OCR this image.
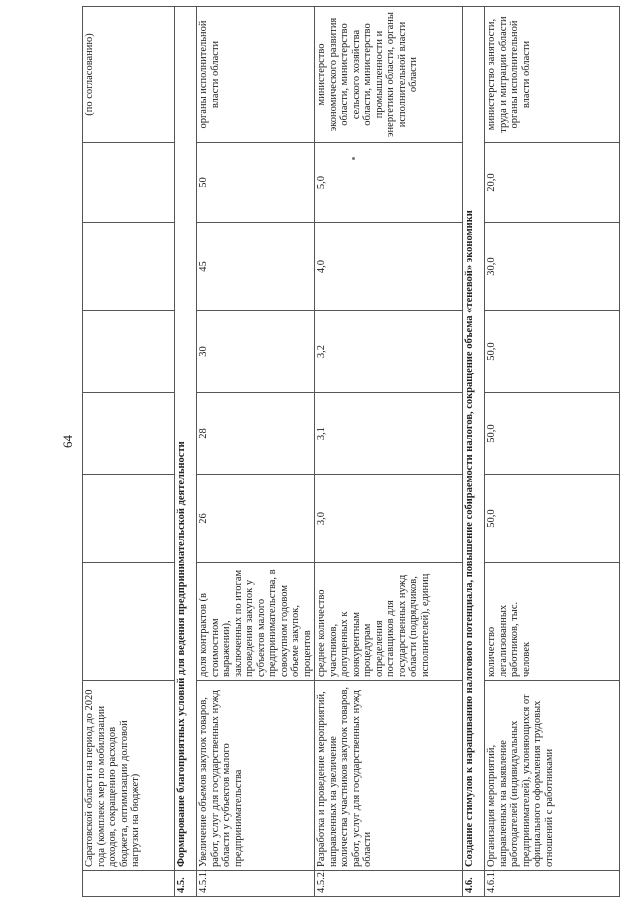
64
	Саратовской области на период до 2020 года (комплекс мер по мобилизации доходов, сокращению расходов бюджета, оптимизации долговой нагрузки на бюджет)							(по согласованию)
4.5.	Формирование благоприятных условий для ведения предпринимательской деятельности							
4.5.1.	Увеличение объемов закупок товаров, работ, услуг для государственных нужд области у субъектов малого предпринимательства	доля контрактов (в стоимостном выражении), заключенных по итогам проведения закупок у субъектов малого предпринимательства, в совокупном годовом объеме закупок, процентов	26	28	30	45	50	органы исполнительной власти области
4.5.2.	Разработка и проведение мероприятий, направленных на увеличение количества участников закупок товаров, работ, услуг для государственных нужд области	среднее количество участников, допущенных к конкурентным процедурам определения поставщиков для государственных нужд области (подрядчиков, исполнителей), единиц	3,0	3,1	3,2	4,0	5,0	министерство экономического развития области, министерство сельского хозяйства области, министерство промышленности и энергетики области, органы исполнительной власти области
4.6.	Создание стимулов к наращиванию налогового потенциала, повышение собираемости налогов, сокращение объема «теневой» экономики							
4.6.1.	Организация мероприятий, направленных на выявление работодателей (индивидуальных предпринимателей), уклоняющихся от официального оформления трудовых отношений с работниками	количество легализованных работников, тыс. человек	50,0	50,0	50,0	30,0	20,0	министерство занятости, труда и миграции области органы исполнительной власти области
